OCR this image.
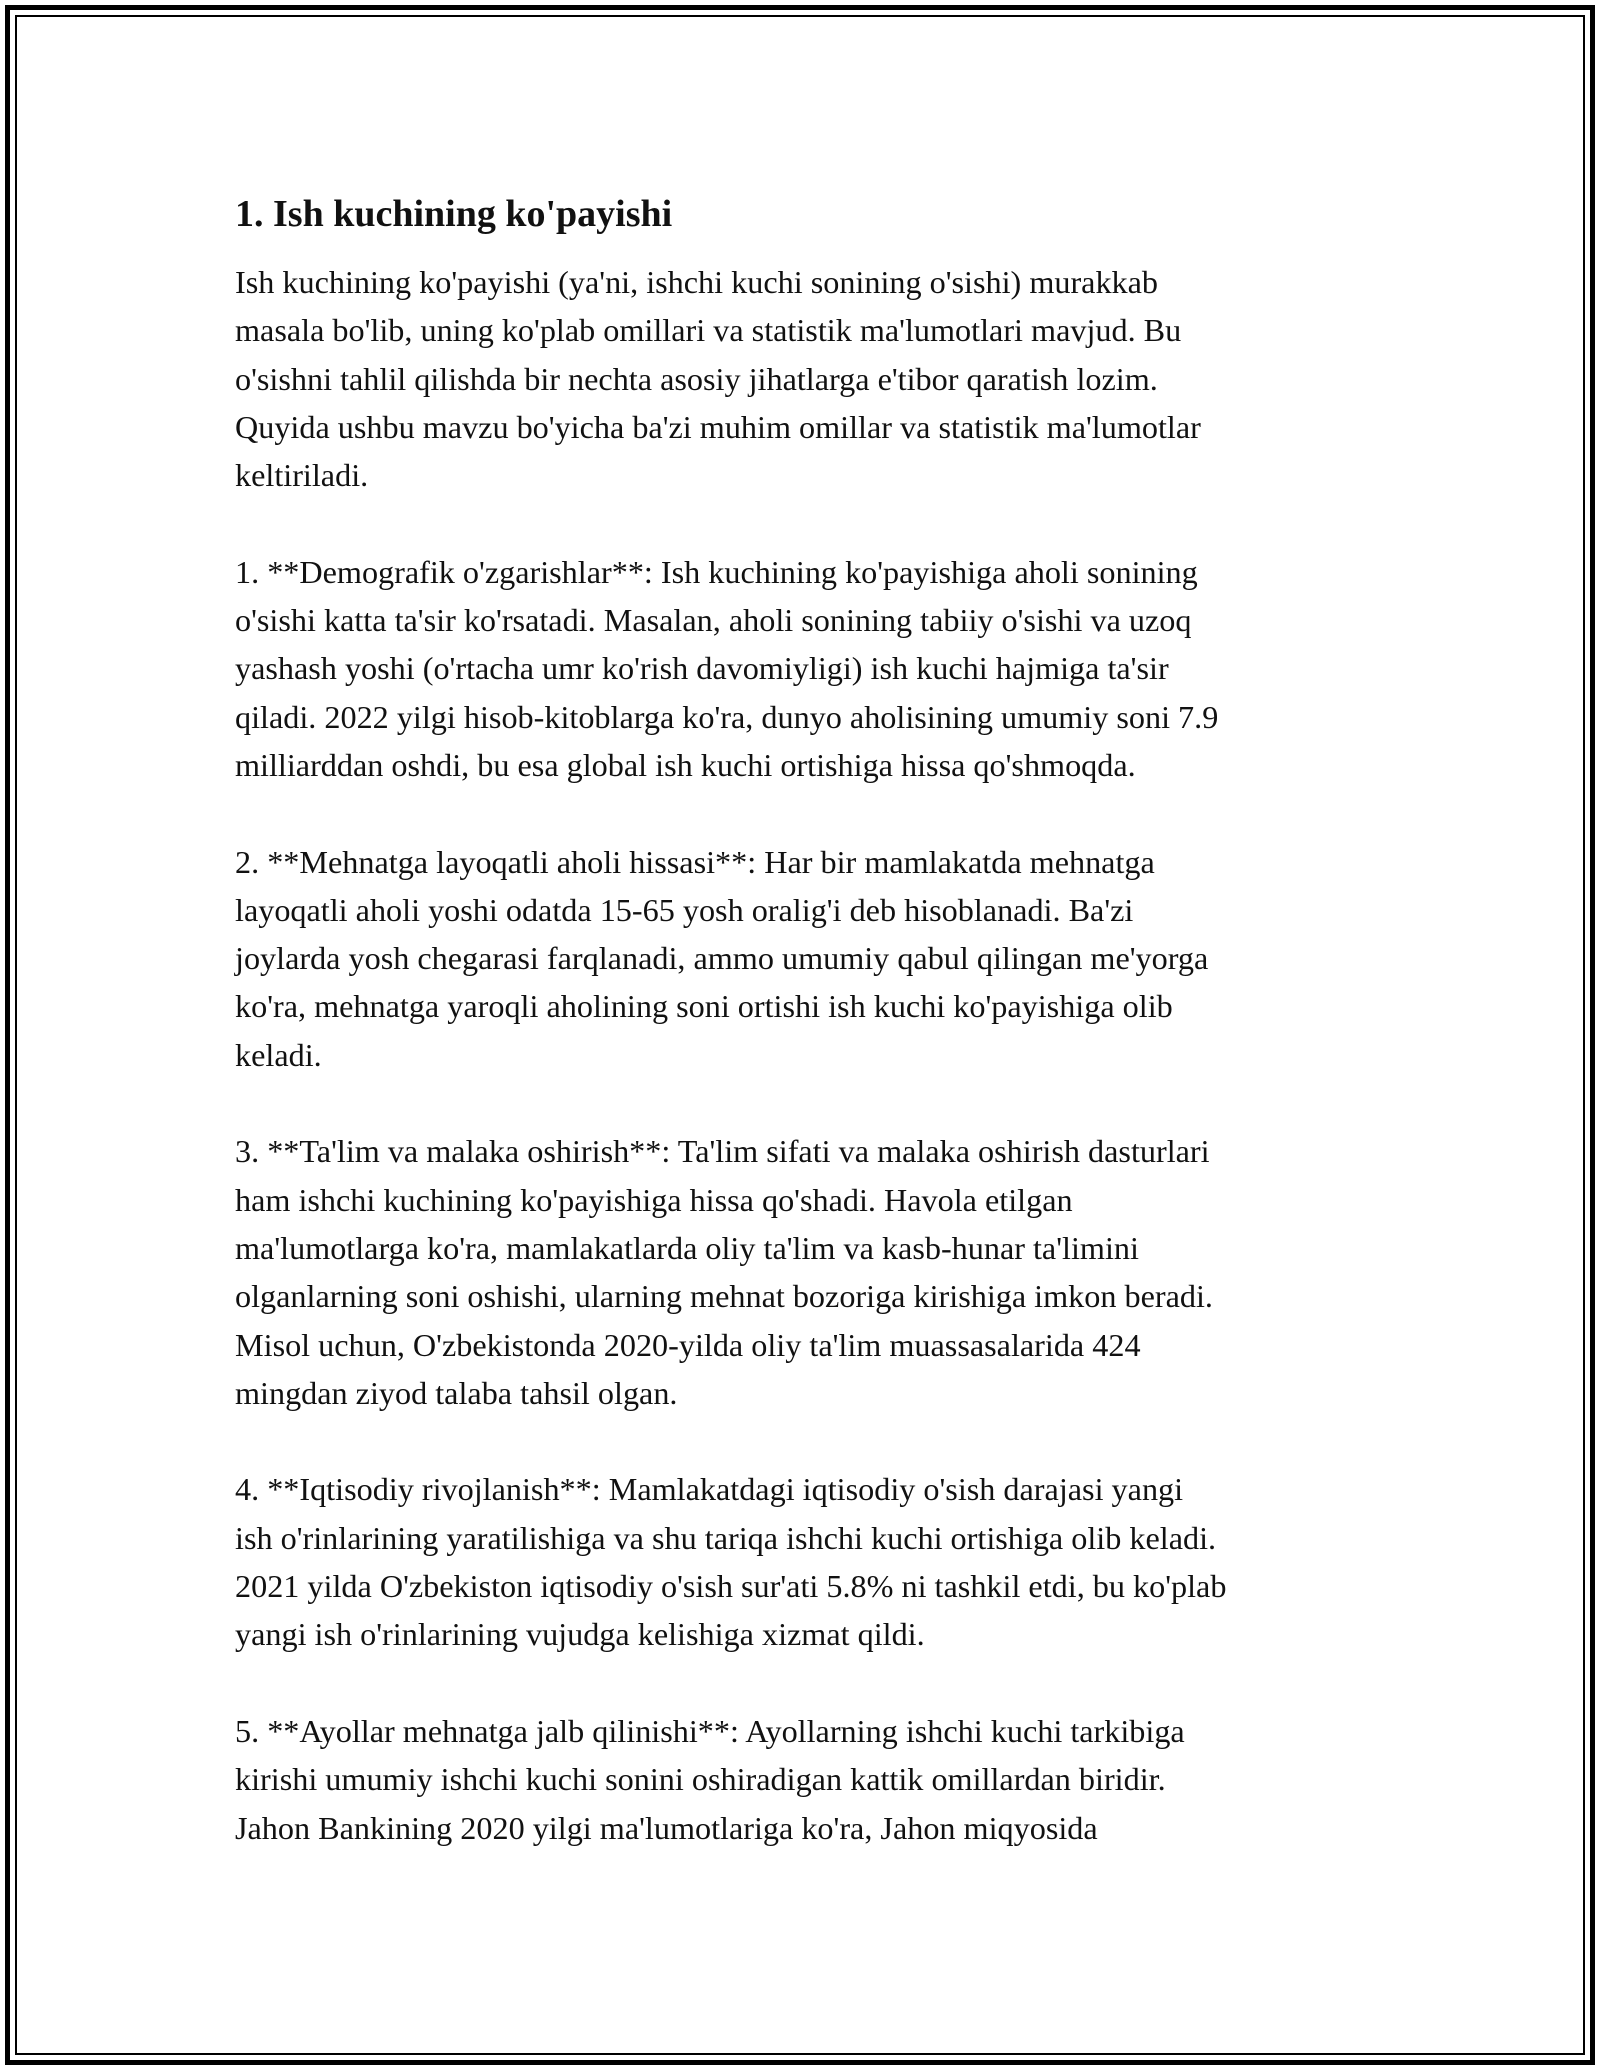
1. Ish kuchining ko'payishi
Ish kuchining ko'payishi (ya'ni, ishchi kuchi sonining o'sishi) murakkab
masala bo'lib, uning ko'plab omillari va statistik ma'lumotlari mavjud. Bu
o'sishni tahlil qilishda bir nechta asosiy jihatlarga e'tibor qaratish lozim.
Quyida ushbu mavzu bo'yicha ba'zi muhim omillar va statistik ma'lumotlar
keltiriladi.
1. **Demografik o'zgarishlar**: Ish kuchining ko'payishiga aholi sonining
o'sishi katta ta'sir ko'rsatadi. Masalan, aholi sonining tabiiy o'sishi va uzoq
yashash yoshi (o'rtacha umr ko'rish davomiyligi) ish kuchi hajmiga ta'sir
qiladi. 2022 yilgi hisob-kitoblarga ko'ra, dunyo aholisining umumiy soni 7.9
milliarddan oshdi, bu esa global ish kuchi ortishiga hissa qo'shmoqda.
2. **Mehnatga layoqatli aholi hissasi**: Har bir mamlakatda mehnatga
layoqatli aholi yoshi odatda 15-65 yosh oralig'i deb hisoblanadi. Ba'zi
joylarda yosh chegarasi farqlanadi, ammo umumiy qabul qilingan me'yorga
ko'ra, mehnatga yaroqli aholining soni ortishi ish kuchi ko'payishiga olib
keladi.
3. **Ta'lim va malaka oshirish**: Ta'lim sifati va malaka oshirish dasturlari
ham ishchi kuchining ko'payishiga hissa qo'shadi. Havola etilgan
ma'lumotlarga ko'ra, mamlakatlarda oliy ta'lim va kasb-hunar ta'limini
olganlarning soni oshishi, ularning mehnat bozoriga kirishiga imkon beradi.
Misol uchun, O'zbekistonda 2020-yilda oliy ta'lim muassasalarida 424
mingdan ziyod talaba tahsil olgan.
4. **Iqtisodiy rivojlanish**: Mamlakatdagi iqtisodiy o'sish darajasi yangi
ish o'rinlarining yaratilishiga va shu tariqa ishchi kuchi ortishiga olib keladi.
2021 yilda O'zbekiston iqtisodiy o'sish sur'ati 5.8% ni tashkil etdi, bu ko'plab
yangi ish o'rinlarining vujudga kelishiga xizmat qildi.
5. **Ayollar mehnatga jalb qilinishi**: Ayollarning ishchi kuchi tarkibiga
kirishi umumiy ishchi kuchi sonini oshiradigan kattik omillardan biridir.
Jahon Bankining 2020 yilgi ma'lumotlariga ko'ra, Jahon miqyosida
